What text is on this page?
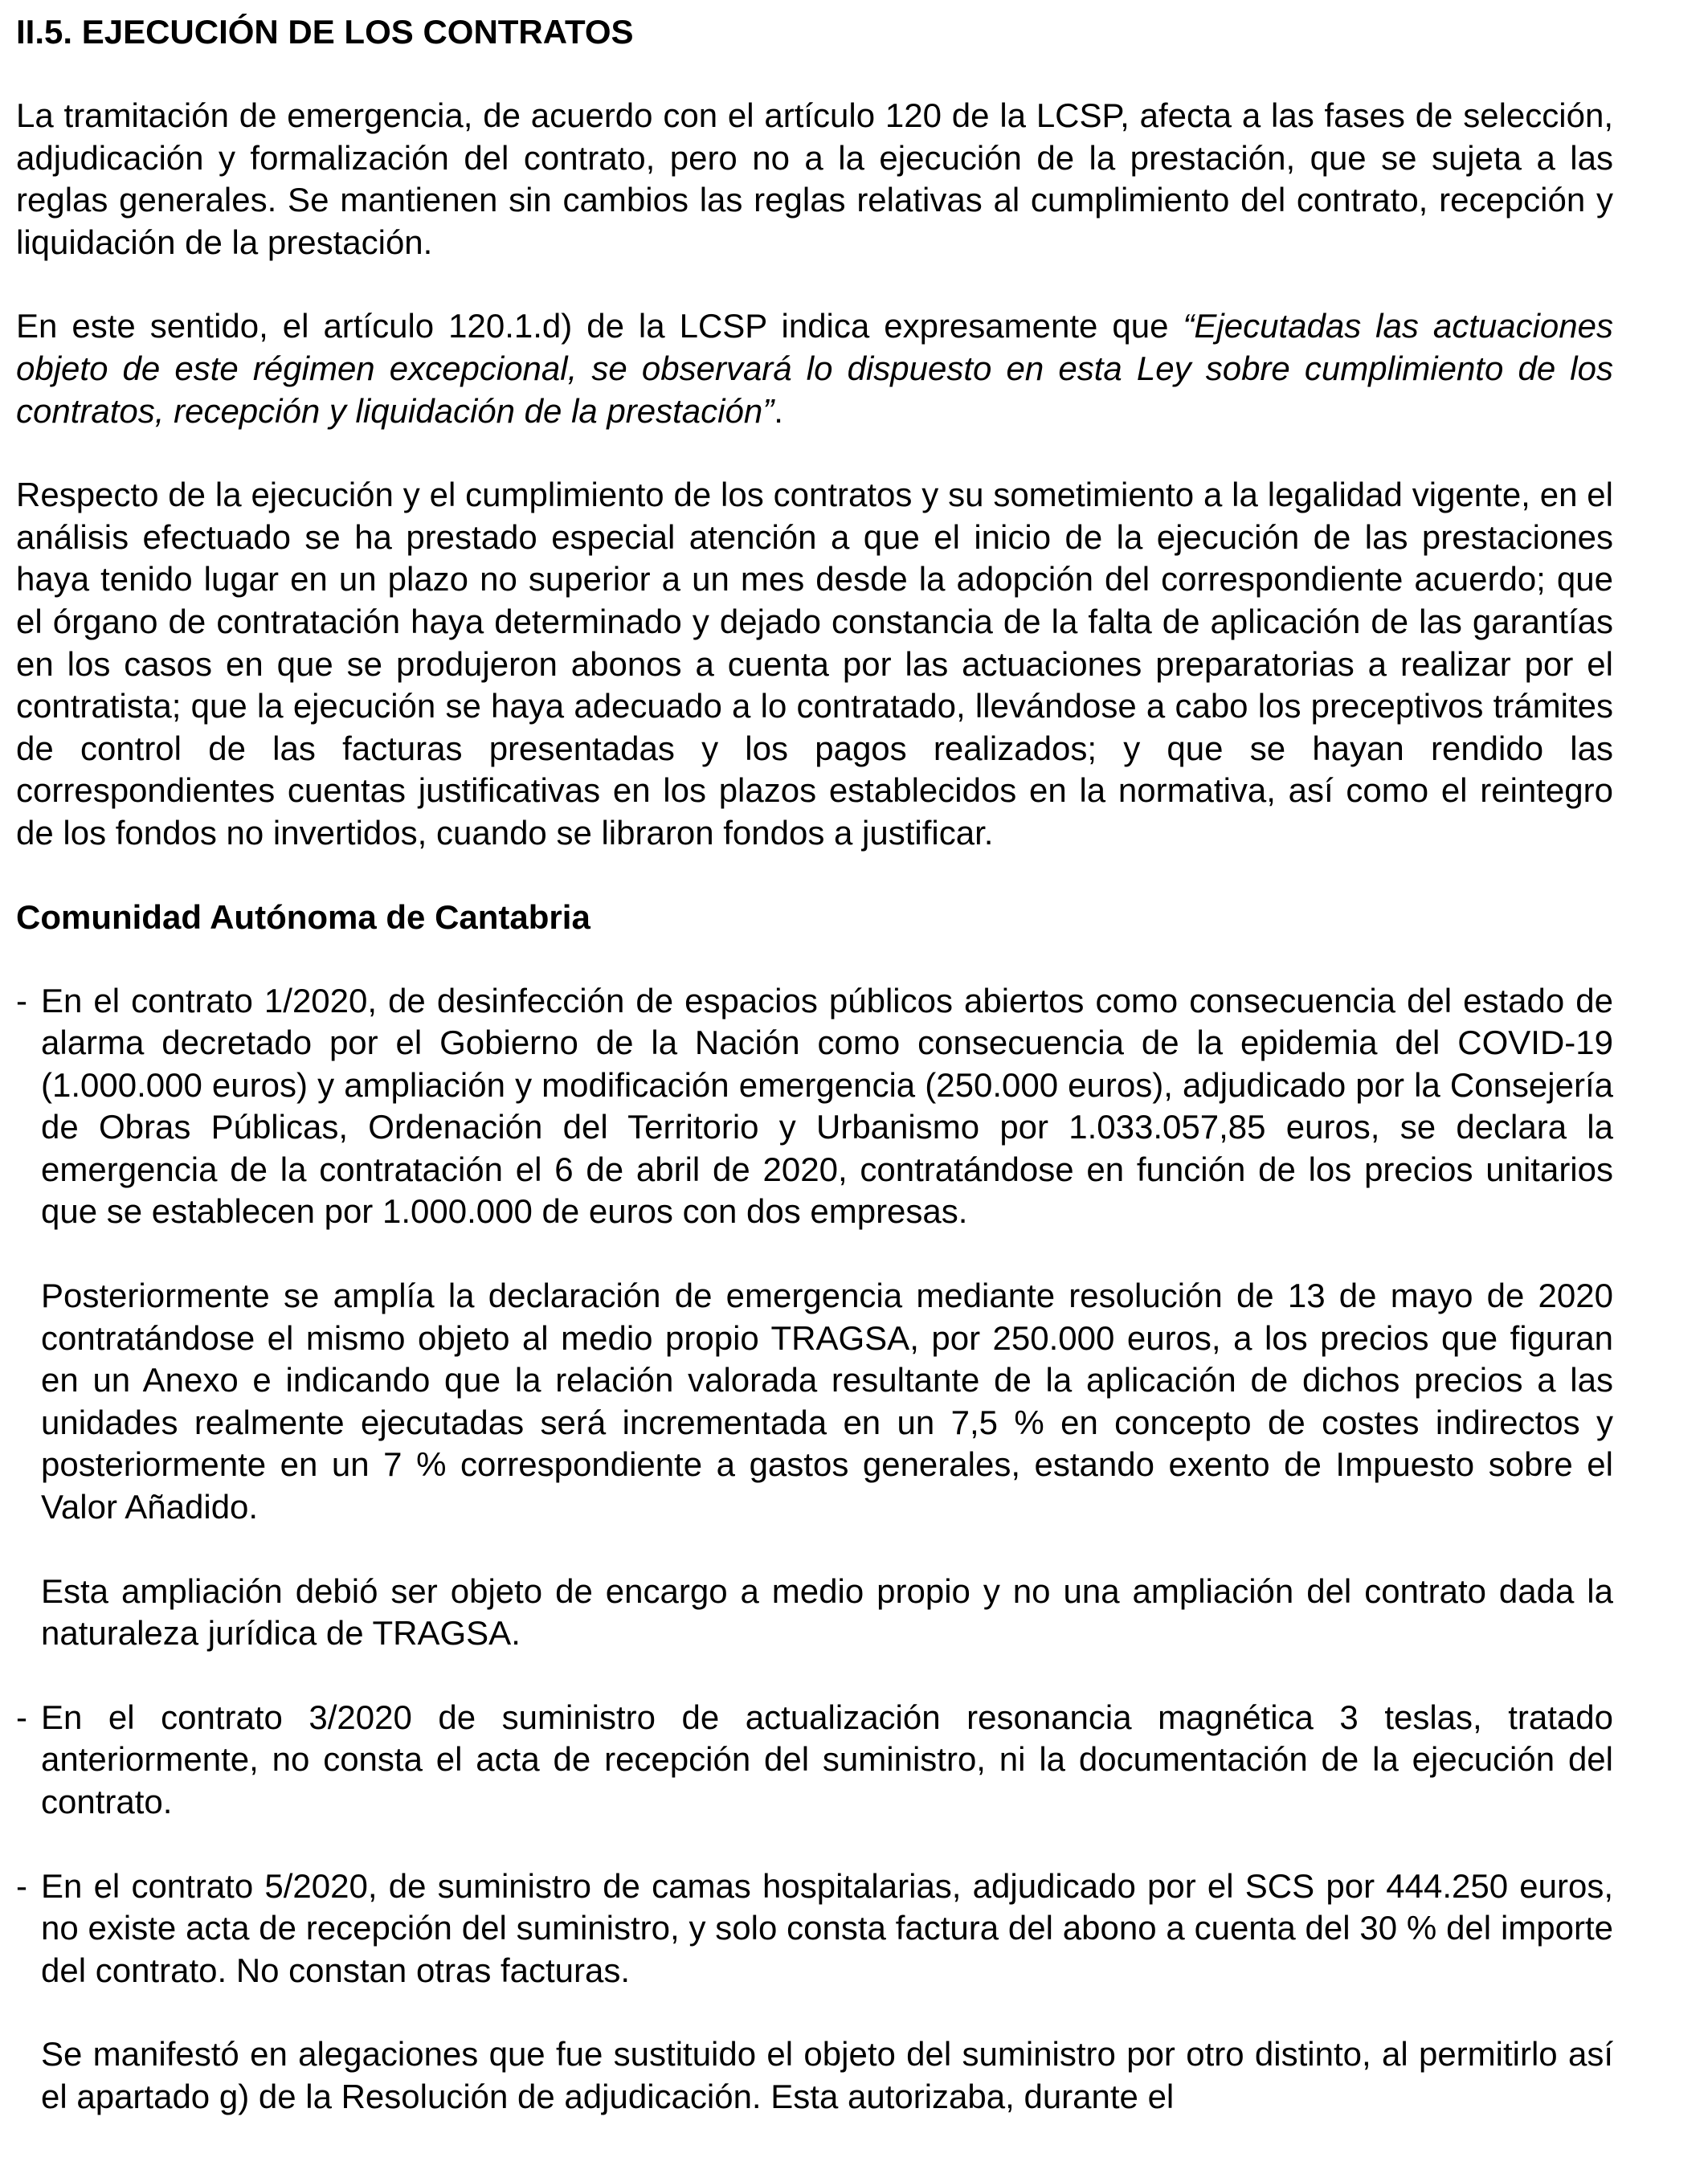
II.5. EJECUCIÓN DE LOS CONTRATOS

La tramitación de emergencia, de acuerdo con el artículo 120 de la LCSP, afecta a las fases de selección, adjudicación y formalización del contrato, pero no a la ejecución de la prestación, que se sujeta a las reglas generales. Se mantienen sin cambios las reglas relativas al cumplimiento del contrato, recepción y liquidación de la prestación.

En este sentido, el artículo 120.1.d) de la LCSP indica expresamente que “Ejecutadas las actuaciones objeto de este régimen excepcional, se observará lo dispuesto en esta Ley sobre cumplimiento de los contratos, recepción y liquidación de la prestación”.

Respecto de la ejecución y el cumplimiento de los contratos y su sometimiento a la legalidad vigente, en el análisis efectuado se ha prestado especial atención a que el inicio de la ejecución de las prestaciones haya tenido lugar en un plazo no superior a un mes desde la adopción del correspondiente acuerdo; que el órgano de contratación haya determinado y dejado constancia de la falta de aplicación de las garantías en los casos en que se produjeron abonos a cuenta por las actuaciones preparatorias a realizar por el contratista; que la ejecución se haya adecuado a lo contratado, llevándose a cabo los preceptivos trámites de control de las facturas presentadas y los pagos realizados; y que se hayan rendido las correspondientes cuentas justificativas en los plazos establecidos en la normativa, así como el reintegro de los fondos no invertidos, cuando se libraron fondos a justificar.

Comunidad Autónoma de Cantabria
- En el contrato 1/2020, de desinfección de espacios públicos abiertos como consecuencia del estado de alarma decretado por el Gobierno de la Nación como consecuencia de la epidemia del COVID-19 (1.000.000 euros) y ampliación y modificación emergencia (250.000 euros), adjudicado por la Consejería de Obras Públicas, Ordenación del Territorio y Urbanismo por 1.033.057,85 euros, se declara la emergencia de la contratación el 6 de abril de 2020, contratándose en función de los precios unitarios que se establecen por 1.000.000 de euros con dos empresas.

Posteriormente se amplía la declaración de emergencia mediante resolución de 13 de mayo de 2020 contratándose el mismo objeto al medio propio TRAGSA, por 250.000 euros, a los precios que figuran en un Anexo e indicando que la relación valorada resultante de la aplicación de dichos precios a las unidades realmente ejecutadas será incrementada en un 7,5 % en concepto de costes indirectos y posteriormente en un 7 % correspondiente a gastos generales, estando exento de Impuesto sobre el Valor Añadido.

Esta ampliación debió ser objeto de encargo a medio propio y no una ampliación del contrato dada la naturaleza jurídica de TRAGSA.

- En el contrato 3/2020 de suministro de actualización resonancia magnética 3 teslas, tratado anteriormente, no consta el acta de recepción del suministro, ni la documentación de la ejecución del contrato.
- En el contrato 5/2020, de suministro de camas hospitalarias, adjudicado por el SCS por 444.250 euros, no existe acta de recepción del suministro, y solo consta factura del abono a cuenta del 30 % del importe del contrato. No constan otras facturas.

Se manifestó en alegaciones que fue sustituido el objeto del suministro por otro distinto, al permitirlo así el apartado g) de la Resolución de adjudicación. Esta autorizaba, durante el
